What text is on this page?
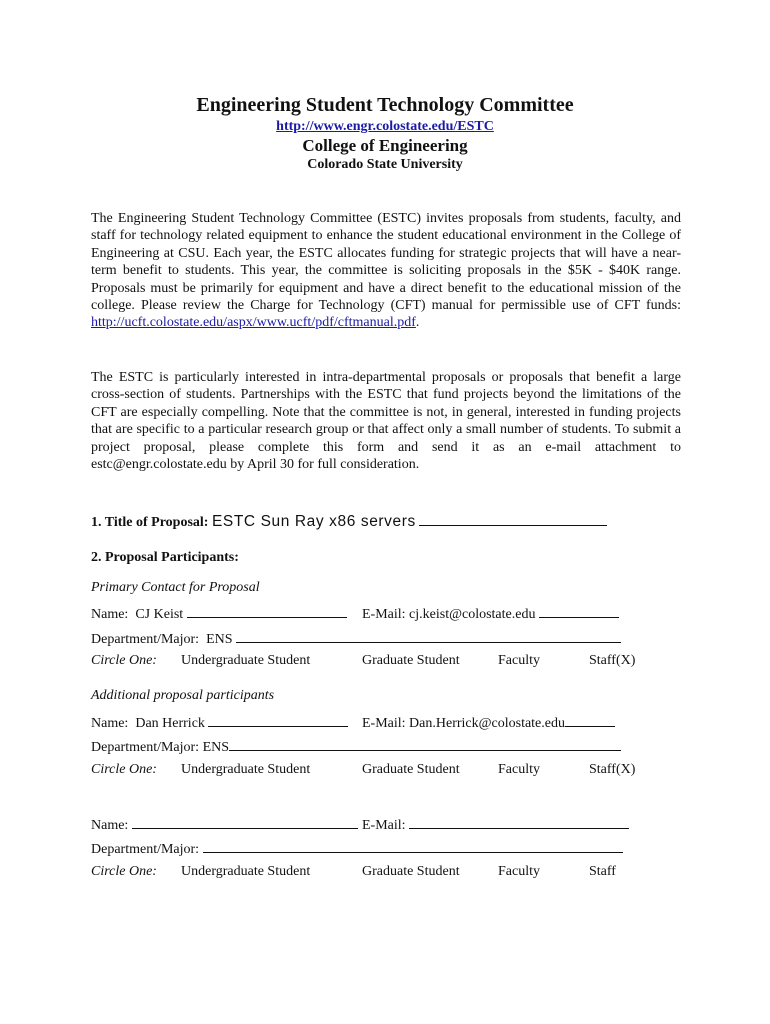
Engineering Student Technology Committee
http://www.engr.colostate.edu/ESTC
College of Engineering
Colorado State University
The Engineering Student Technology Committee (ESTC) invites proposals from students, faculty, and staff for technology related equipment to enhance the student educational environment in the College of Engineering at CSU. Each year, the ESTC allocates funding for strategic projects that will have a near-term benefit to students. This year, the committee is soliciting proposals in the $5K - $40K range. Proposals must be primarily for equipment and have a direct benefit to the educational mission of the college. Please review the Charge for Technology (CFT) manual for permissible use of CFT funds: http://ucft.colostate.edu/aspx/www.ucft/pdf/cftmanual.pdf.
The ESTC is particularly interested in intra-departmental proposals or proposals that benefit a large cross-section of students. Partnerships with the ESTC that fund projects beyond the limitations of the CFT are especially compelling. Note that the committee is not, in general, interested in funding projects that are specific to a particular research group or that affect only a small number of students. To submit a project proposal, please complete this form and send it as an e-mail attachment to estc@engr.colostate.edu by April 30 for full consideration.
1. Title of Proposal: ESTC Sun Ray x86 servers
2. Proposal Participants:
Primary Contact for Proposal
Name: CJ Keist	E-Mail: cj.keist@colostate.edu
Department/Major: ENS
Circle One: Undergraduate Student	Graduate Student	Faculty	Staff(X)
Additional proposal participants
Name: Dan Herrick	E-Mail: Dan.Herrick@colostate.edu
Department/Major: ENS
Circle One: Undergraduate Student	Graduate Student	Faculty	Staff(X)
Name:	E-Mail:
Department/Major:
Circle One: Undergraduate Student	Graduate Student	Faculty	Staff
